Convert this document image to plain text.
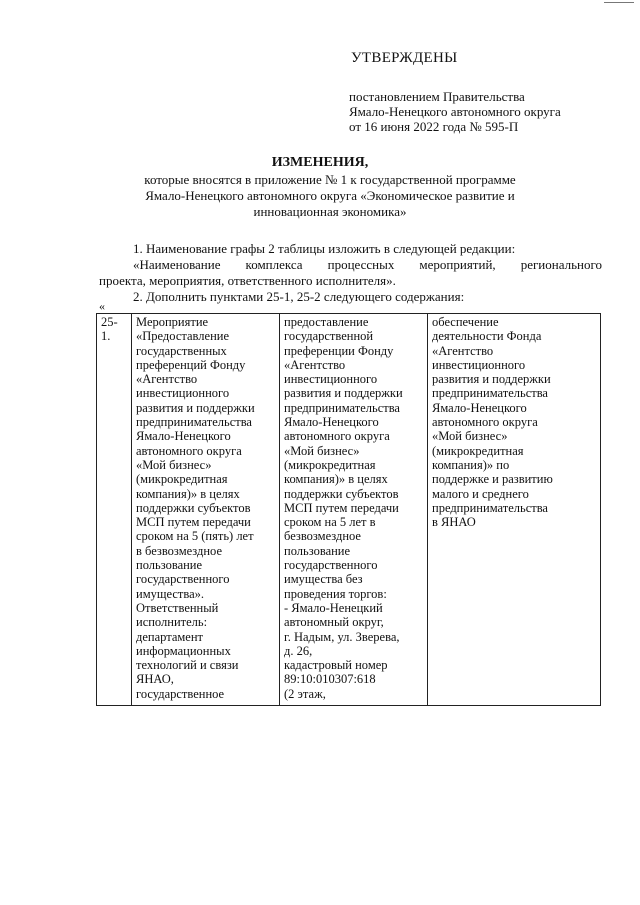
УТВЕРЖДЕНЫ
постановлением Правительства
Ямало-Ненецкого автономного округа
от 16 июня 2022 года № 595-П
ИЗМЕНЕНИЯ,
которые вносятся в приложение № 1 к государственной программе
Ямало-Ненецкого автономного округа «Экономическое развитие и
инновационная экономика»

1. Наименование графы 2 таблицы изложить в следующей редакции:

«Наименование комплекса процессных мероприятий, регионального

проекта, мероприятия, ответственного исполнителя».

2. Дополнить пунктами 25-1, 25-2 следующего содержания:

«
25-1.	
Мероприятие
«Предоставление
государственных
преференций Фонду
«Агентство
инвестиционного
развития и поддержки
предпринимательства
Ямало-Ненецкого
автономного округа
«Мой бизнес»
(микрокредитная
компания)» в целях
поддержки субъектов
МСП путем передачи
сроком на 5 (пять) лет
в безвозмездное
пользование
государственного
имущества».
Ответственный
исполнитель:
департамент
информационных
технологий и связи
ЯНАО,
государственное

предоставление
государственной
преференции Фонду
«Агентство
инвестиционного
развития и поддержки
предпринимательства
Ямало-Ненецкого
автономного округа
«Мой бизнес»
(микрокредитная
компания)» в целях
поддержки субъектов
МСП путем передачи
сроком на 5 лет в
безвозмездное
пользование
государственного
имущества без
проведения торгов:
- Ямало-Ненецкий
автономный округ,
г. Надым, ул. Зверева,
д. 26,
кадастровый номер
89:10:010307:618
(2 этаж,

обеспечение
деятельности Фонда
«Агентство
инвестиционного
развития и поддержки
предпринимательства
Ямало-Ненецкого
автономного округа
«Мой бизнес»
(микрокредитная
компания)» по
поддержке и развитию
малого и среднего
предпринимательства
в ЯНАО
